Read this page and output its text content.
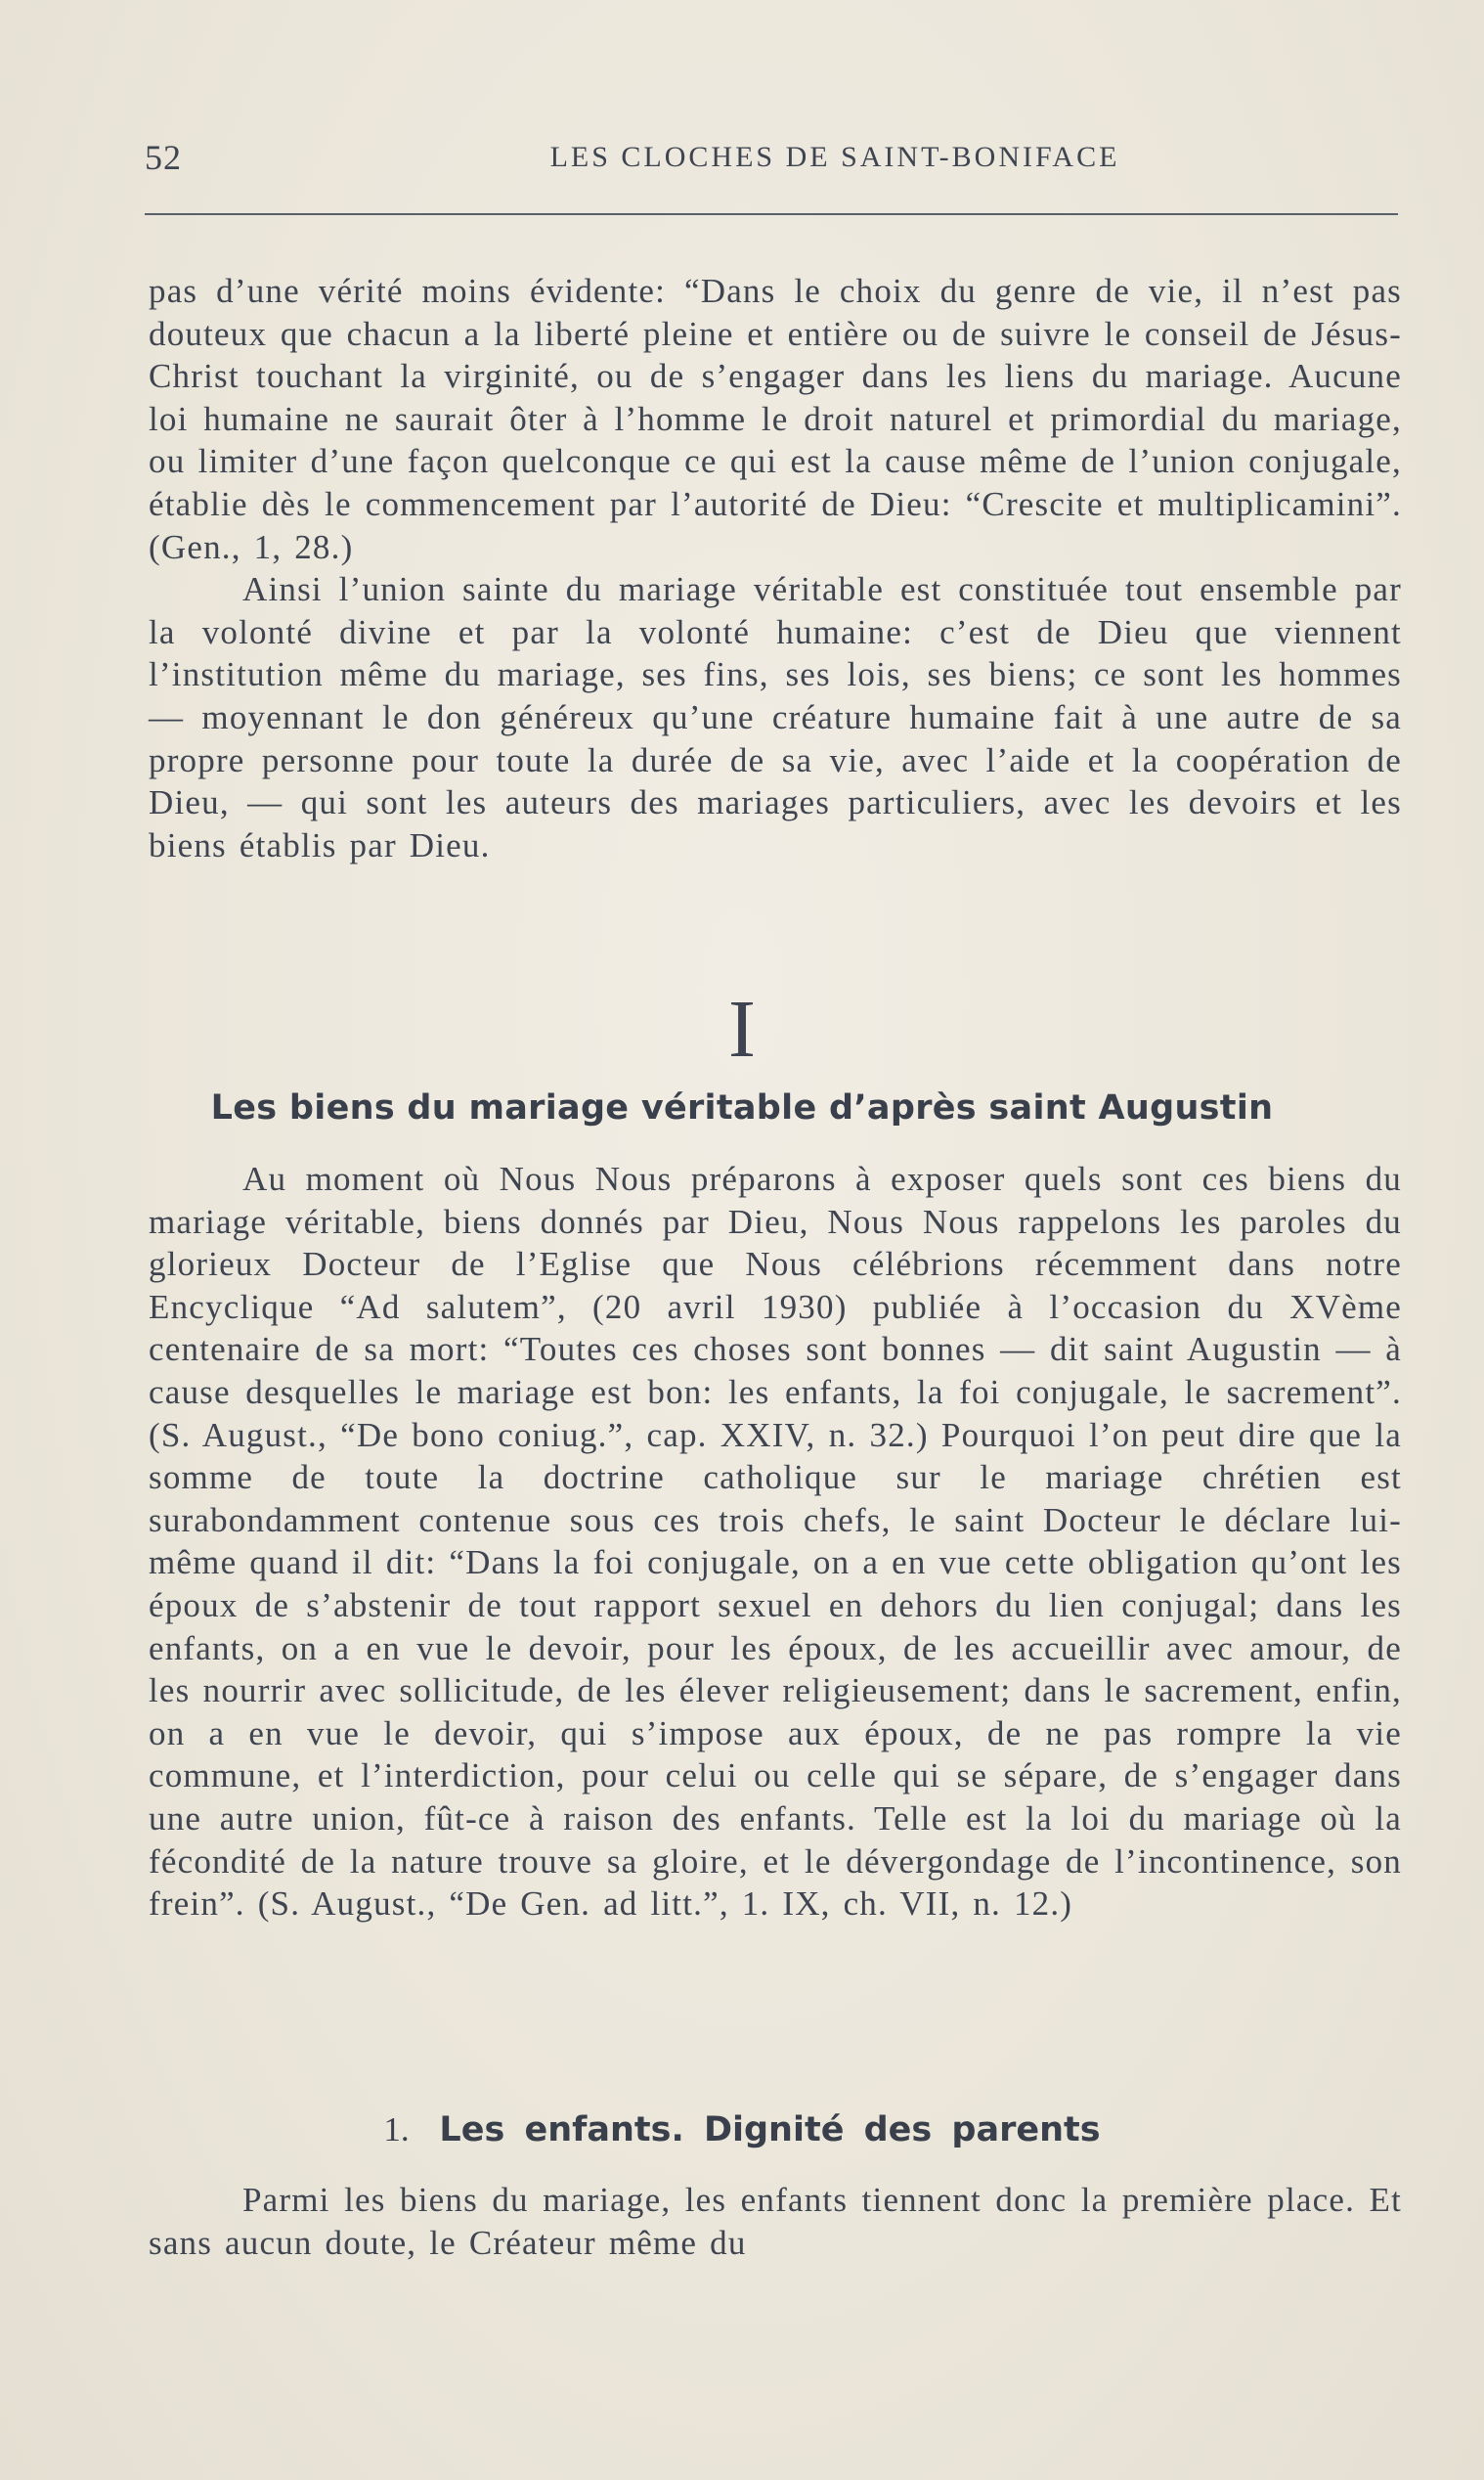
52	LES CLOCHES DE SAINT-BONIFACE

pas d’une vérité moins évidente: “Dans le choix du genre de vie, il n’est pas douteux que chacun a la liberté pleine et entière ou de suivre le conseil de Jésus-Christ touchant la virginité, ou de s’engager dans les liens du mariage. Aucune loi humaine ne saurait ôter à l’homme le droit naturel et primordial du mariage, ou limiter d’une façon quelconque ce qui est la cause même de l’union conjugale, établie dès le commencement par l’autorité de Dieu: “Crescite et multiplicamini”. (Gen., 1, 28.)

Ainsi l’union sainte du mariage véritable est constituée tout ensemble par la volonté divine et par la volonté humaine: c’est de Dieu que viennent l’institution même du mariage, ses fins, ses lois, ses biens; ce sont les hommes — moyennant le don généreux qu’une créature humaine fait à une autre de sa propre personne pour toute la durée de sa vie, avec l’aide et la coopération de Dieu, — qui sont les auteurs des mariages particuliers, avec les devoirs et les biens établis par Dieu.

I
Les biens du mariage véritable d’après saint Augustin

Au moment où Nous Nous préparons à exposer quels sont ces biens du mariage véritable, biens donnés par Dieu, Nous Nous rappelons les paroles du glorieux Docteur de l’Eglise que Nous célébrions récemment dans notre Encyclique “Ad salutem”, (20 avril 1930) publiée à l’occasion du XVème centenaire de sa mort: “Toutes ces choses sont bonnes — dit saint Augustin — à cause desquelles le mariage est bon: les enfants, la foi conjugale, le sacrement”. (S. August., “De bono coniug.”, cap. XXIV, n. 32.) Pourquoi l’on peut dire que la somme de toute la doctrine catholique sur le mariage chrétien est surabondamment contenue sous ces trois chefs, le saint Docteur le déclare lui-même quand il dit: “Dans la foi conjugale, on a en vue cette obligation qu’ont les époux de s’abstenir de tout rapport sexuel en dehors du lien conjugal; dans les enfants, on a en vue le devoir, pour les époux, de les accueillir avec amour, de les nourrir avec sollicitude, de les élever religieusement; dans le sacrement, enfin, on a en vue le devoir, qui s’impose aux époux, de ne pas rompre la vie commune, et l’interdiction, pour celui ou celle qui se sépare, de s’engager dans une autre union, fût-ce à raison des enfants. Telle est la loi du mariage où la fécondité de la nature trouve sa gloire, et le dévergondage de l’incontinence, son frein”. (S. August., “De Gen. ad litt.”, 1. IX, ch. VII, n. 12.)

1. Les enfants. Dignité des parents

Parmi les biens du mariage, les enfants tiennent donc la première place. Et sans aucun doute, le Créateur même du
